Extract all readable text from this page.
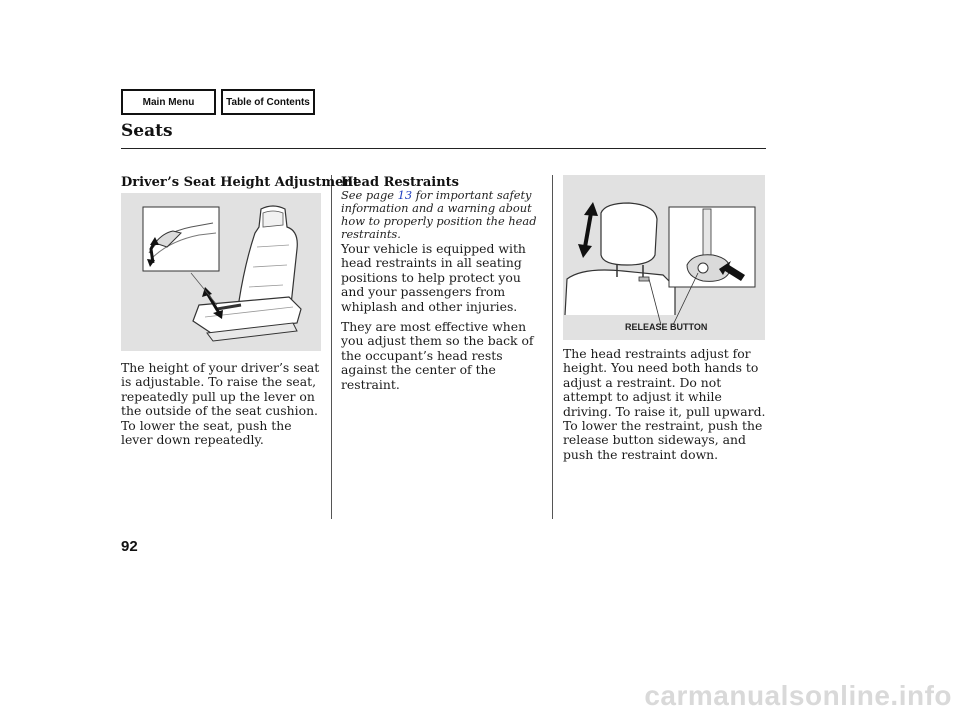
Main Menu	Table of Contents
Seats
Driver’s Seat Height Adjustment

The height of your driver’s seat is adjustable. To raise the seat, repeatedly pull up the lever on the outside of the seat cushion. To lower the seat, push the lever down repeatedly.

Head Restraints
See page 13 for important safety information and a warning about how to properly position the head restraints.

Your vehicle is equipped with head restraints in all seating positions to help protect you and your passengers from whiplash and other injuries.

They are most effective when you adjust them so the back of the occupant’s head rests against the center of the restraint.

RELEASE BUTTON

The head restraints adjust for height. You need both hands to adjust a restraint. Do not attempt to adjust it while driving. To raise it, pull upward. To lower the restraint, push the release button sideways, and push the restraint down.

92
carmanualsonline.info
